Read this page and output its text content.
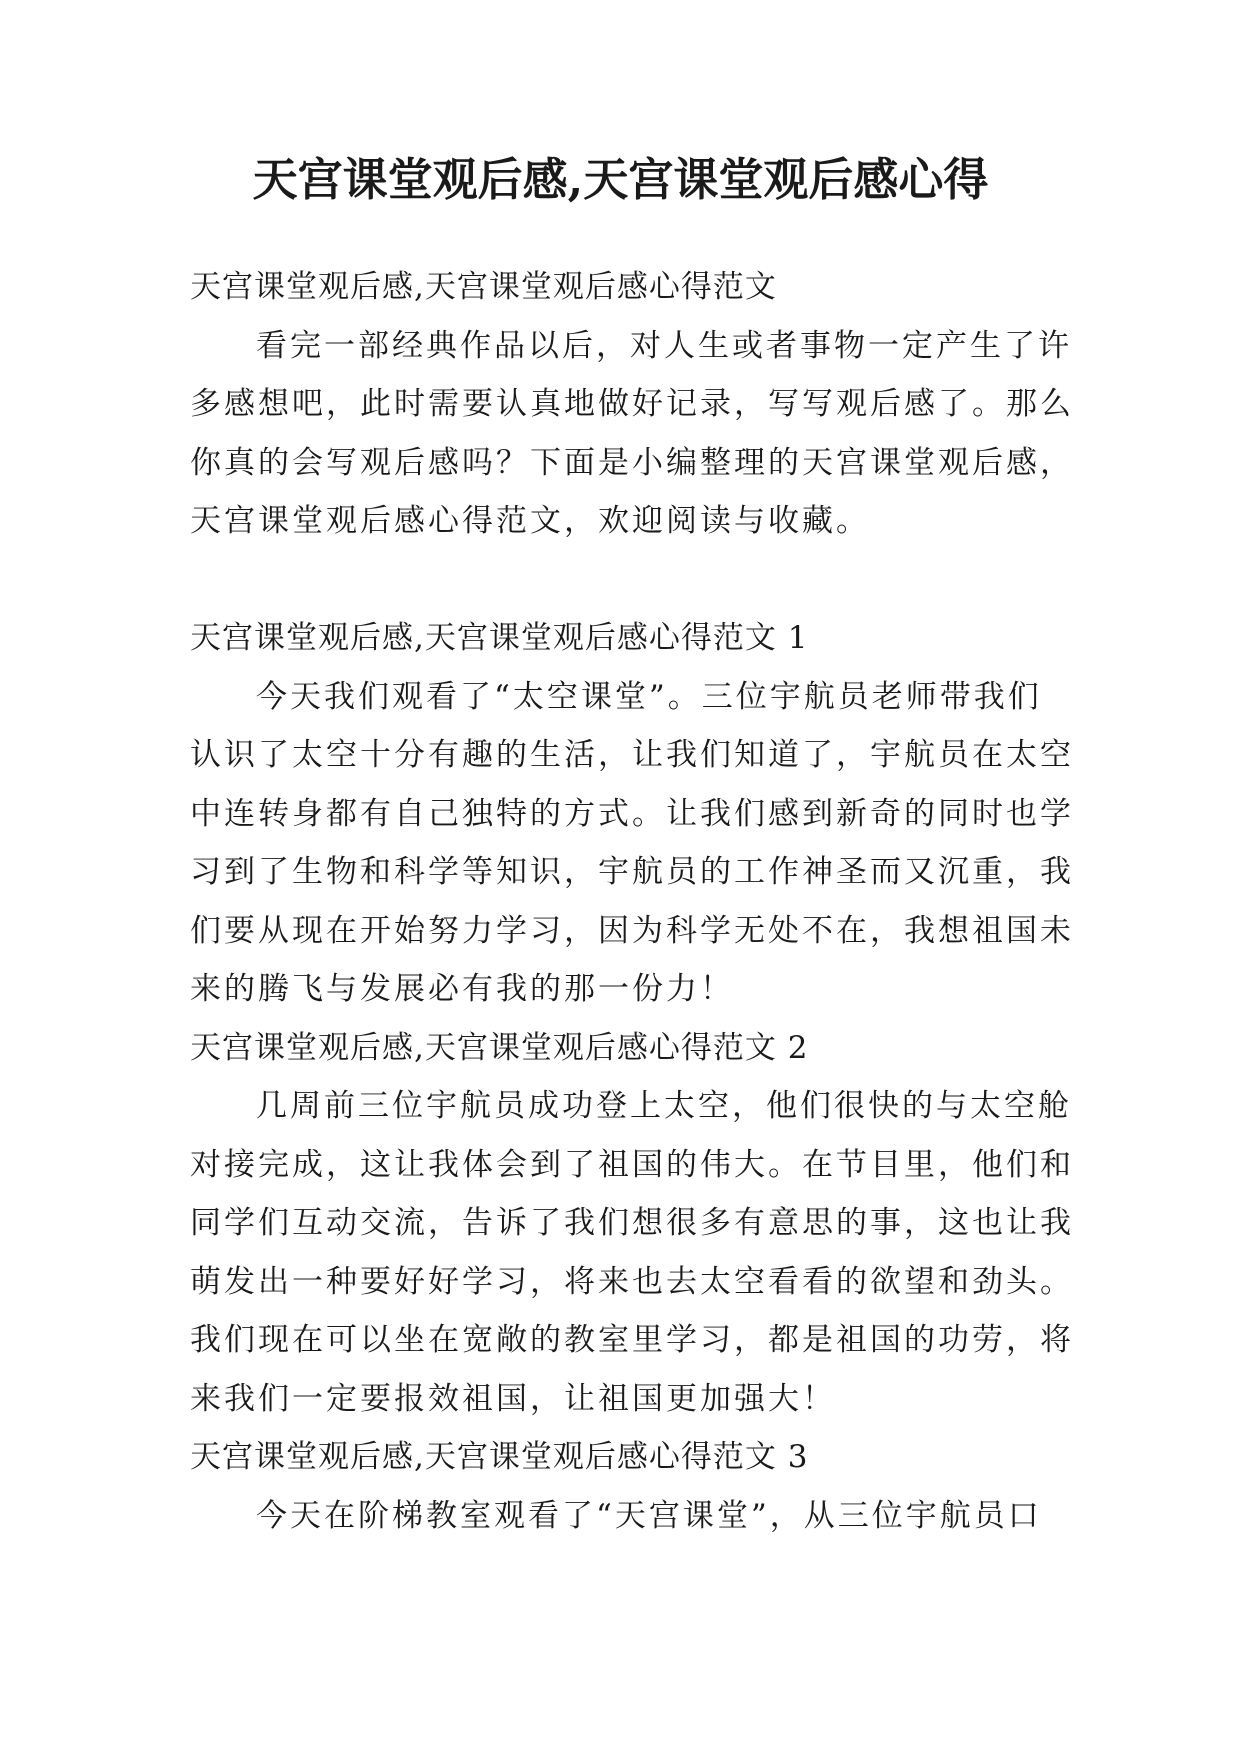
天宫课堂观后感,天宫课堂观后感心得
天宫课堂观后感,天宫课堂观后感心得范文
看完一部经典作品以后，对人生或者事物一定产生了许
多感想吧，此时需要认真地做好记录，写写观后感了。那么
你真的会写观后感吗？下面是小编整理的天宫课堂观后感，
天宫课堂观后感心得范文，欢迎阅读与收藏。
天宫课堂观后感,天宫课堂观后感心得范文 1
今天我们观看了“太空课堂”。三位宇航员老师带我们
认识了太空十分有趣的生活，让我们知道了，宇航员在太空
中连转身都有自己独特的方式。让我们感到新奇的同时也学
习到了生物和科学等知识，宇航员的工作神圣而又沉重，我
们要从现在开始努力学习，因为科学无处不在，我想祖国未
来的腾飞与发展必有我的那一份力！
天宫课堂观后感,天宫课堂观后感心得范文 2
几周前三位宇航员成功登上太空，他们很快的与太空舱
对接完成，这让我体会到了祖国的伟大。在节目里，他们和
同学们互动交流，告诉了我们想很多有意思的事，这也让我
萌发出一种要好好学习，将来也去太空看看的欲望和劲头。
我们现在可以坐在宽敞的教室里学习，都是祖国的功劳，将
来我们一定要报效祖国，让祖国更加强大！
天宫课堂观后感,天宫课堂观后感心得范文 3
今天在阶梯教室观看了“天宫课堂”，从三位宇航员口
